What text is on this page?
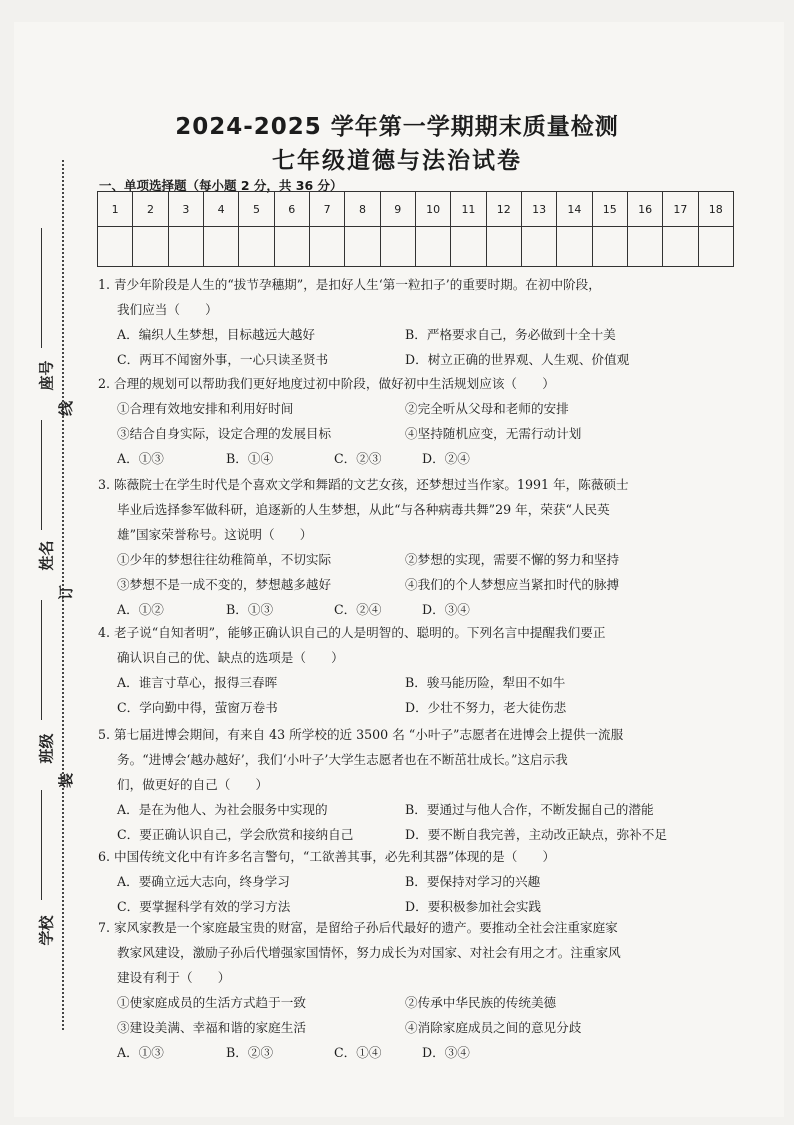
座号
姓名
班级
学校
线
订
装
2024-2025 学年第一学期期末质量检测
七年级道德与法治试卷
一、单项选择题（每小题 2 分，共 36 分）
1	2	3	4	5	6	7	8	9	10	11	12	13	14	15	16	17	18

1. 青少年阶段是人生的“拔节孕穗期”，是扣好人生‘第一粒扣子’的重要时期。在初中阶段，
我们应当（　　）
A．编织人生梦想，目标越远大越好	B．严格要求自己，务必做到十全十美
C．两耳不闻窗外事，一心只读圣贤书	D．树立正确的世界观、人生观、价值观
2. 合理的规划可以帮助我们更好地度过初中阶段，做好初中生活规划应该（　　）
①合理有效地安排和利用好时间	②完全听从父母和老师的安排
③结合自身实际，设定合理的发展目标	④坚持随机应变，无需行动计划
A．①③	B．①④	C．②③	D．②④
3. 陈薇院士在学生时代是个喜欢文学和舞蹈的文艺女孩，还梦想过当作家。1991 年，陈薇硕士
毕业后选择参军做科研，追逐新的人生梦想，从此“与各种病毒共舞”29 年，荣获“人民英
雄”国家荣誉称号。这说明（　　）
①少年的梦想往往幼稚简单，不切实际	②梦想的实现，需要不懈的努力和坚持
③梦想不是一成不变的，梦想越多越好	④我们的个人梦想应当紧扣时代的脉搏
A．①②	B．①③	C．②④	D．③④
4. 老子说“自知者明”，能够正确认识自己的人是明智的、聪明的。下列名言中提醒我们要正
确认识自己的优、缺点的选项是（　　）
A．谁言寸草心，报得三春晖	B．骏马能历险，犁田不如牛
C．学向勤中得，萤窗万卷书	D．少壮不努力，老大徒伤悲
5. 第七届进博会期间，有来自 43 所学校的近 3500 名 “小叶子”志愿者在进博会上提供一流服
务。“进博会‘越办越好’，我们‘小叶子’大学生志愿者也在不断茁壮成长。”这启示我
们，做更好的自己（　　）
A．是在为他人、为社会服务中实现的	B．要通过与他人合作，不断发掘自己的潜能
C．要正确认识自己，学会欣赏和接纳自己	D．要不断自我完善，主动改正缺点，弥补不足
6. 中国传统文化中有许多名言警句，“工欲善其事，必先利其器”体现的是（　　）
A．要确立远大志向，终身学习	B．要保持对学习的兴趣
C．要掌握科学有效的学习方法	D．要积极参加社会实践
7. 家风家教是一个家庭最宝贵的财富，是留给子孙后代最好的遗产。要推动全社会注重家庭家
教家风建设，激励子孙后代增强家国情怀，努力成长为对国家、对社会有用之才。注重家风
建设有利于（　　）
①使家庭成员的生活方式趋于一致	②传承中华民族的传统美德
③建设美满、幸福和谐的家庭生活	④消除家庭成员之间的意见分歧
A．①③	B．②③	C．①④	D．③④
